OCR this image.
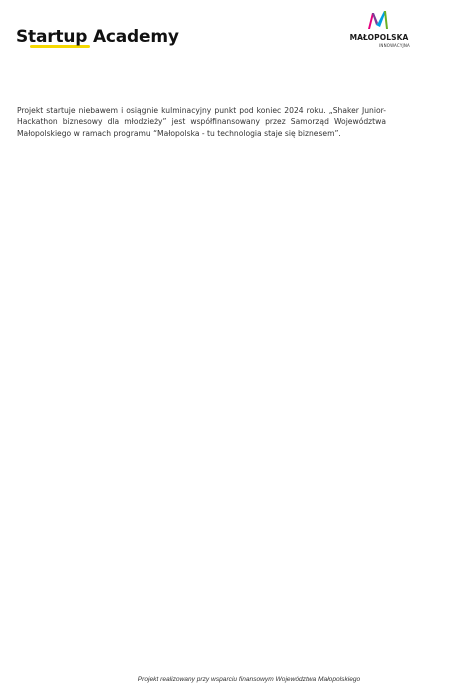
Startup Academy	MAŁOPOLSKA
INNOWACYJNA
Projekt startuje niebawem i osiągnie kulminacyjny punkt pod koniec 2024 roku. „Shaker Junior-Hackathon biznesowy dla młodzieży” jest współfinansowany przez Samorząd Województwa Małopolskiego w ramach programu “Małopolska - tu technologia staje się biznesem”.
Projekt realizowany przy wsparciu finansowym Województwa Małopolskiego
